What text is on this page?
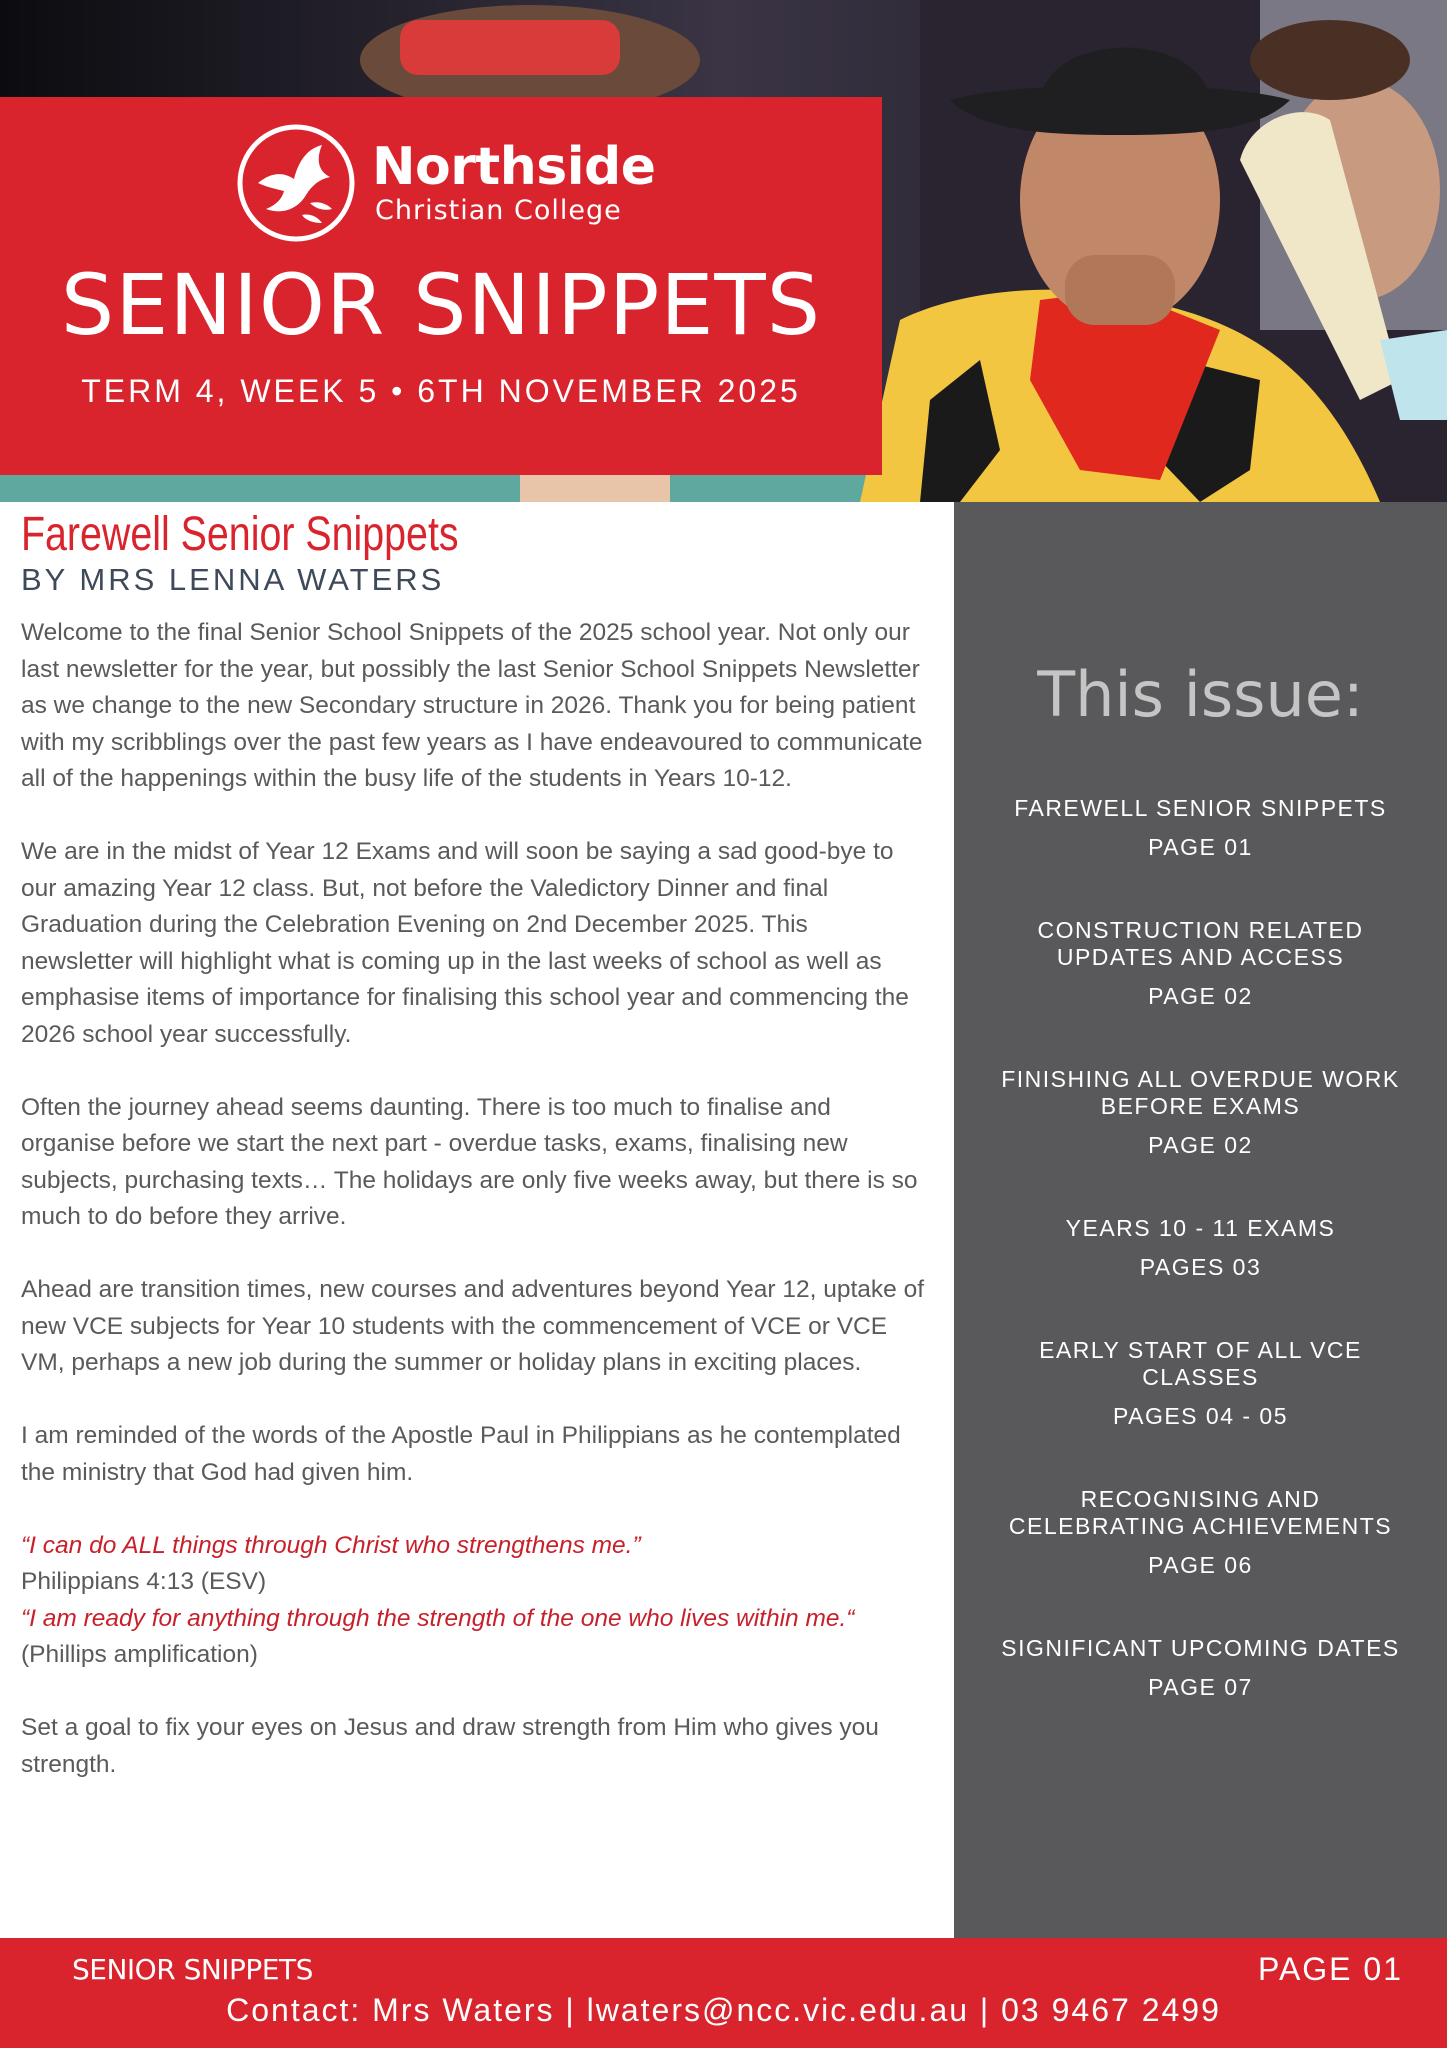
Northside
Christian College
SENIOR SNIPPETS
TERM 4, WEEK 5 • 6TH NOVEMBER 2025
Farewell Senior Snippets
BY MRS LENNA WATERS

Welcome to the final Senior School Snippets of the 2025 school year. Not only our last newsletter for the year, but possibly the last Senior School Snippets Newsletter as we change to the new Secondary structure in 2026. Thank you for being patient with my scribblings over the past few years as I have endeavoured to communicate all of the happenings within the busy life of the students in Years 10-12.

We are in the midst of Year 12 Exams and will soon be saying a sad good-bye to our amazing Year 12 class. But, not before the Valedictory Dinner and final Graduation during the Celebration Evening on 2nd December 2025. This newsletter will highlight what is coming up in the last weeks of school as well as emphasise items of importance for finalising this school year and commencing the 2026 school year successfully.

Often the journey ahead seems daunting. There is too much to finalise and organise before we start the next part - overdue tasks, exams, finalising new subjects, purchasing texts… The holidays are only five weeks away, but there is so much to do before they arrive.

Ahead are transition times, new courses and adventures beyond Year 12, uptake of new VCE subjects for Year 10 students with the commencement of VCE or VCE VM, perhaps a new job during the summer or holiday plans in exciting places.

I am reminded of the words of the Apostle Paul in Philippians as he contemplated the ministry that God had given him.

“I can do ALL things through Christ who strengthens me.”
Philippians 4:13 (ESV)
“I am ready for anything through the strength of the one who lives within me.“ (Phillips amplification)

Set a goal to fix your eyes on Jesus and draw strength from Him who gives you strength.

This issue:
FAREWELL SENIOR SNIPPETS
PAGE 01
CONSTRUCTION RELATED UPDATES AND ACCESS
PAGE 02
FINISHING ALL OVERDUE WORK BEFORE EXAMS
PAGE 02
YEARS 10 - 11 EXAMS
PAGES 03
EARLY START OF ALL VCE CLASSES
PAGES 04 - 05
RECOGNISING AND CELEBRATING ACHIEVEMENTS
PAGE 06
SIGNIFICANT UPCOMING DATES
PAGE 07
SENIOR SNIPPETS	PAGE 01
Contact: Mrs Waters | lwaters@ncc.vic.edu.au | 03 9467 2499
